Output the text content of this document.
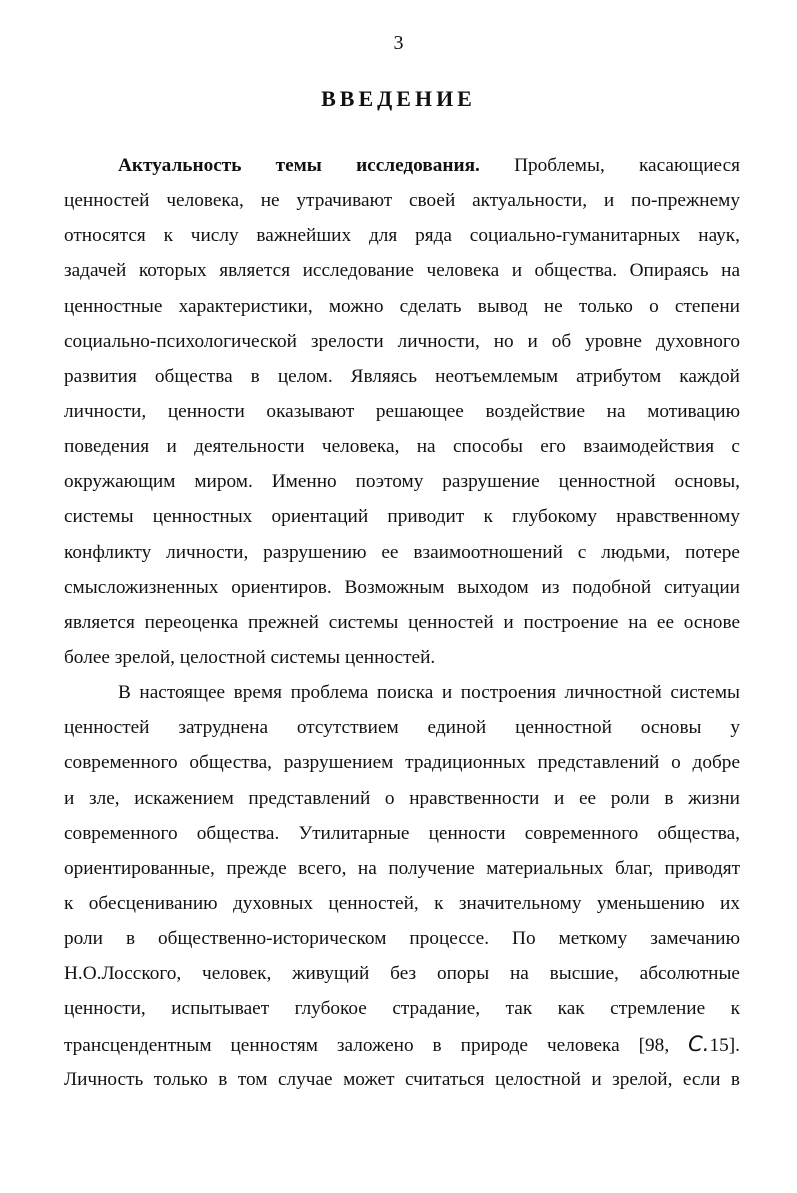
3
ВВЕДЕНИЕ
Актуальность темы исследования. Проблемы, касающиеся
ценностей человека, не утрачивают своей актуальности, и по-прежнему
относятся к числу важнейших для ряда социально-гуманитарных наук,
задачей которых является исследование человека и общества. Опираясь на
ценностные характеристики, можно сделать вывод не только о степени
социально-психологической зрелости личности, но и об уровне духовного
развития общества в целом. Являясь неотъемлемым атрибутом каждой
личности, ценности оказывают решающее воздействие на мотивацию
поведения и деятельности человека, на способы его взаимодействия с
окружающим миром. Именно поэтому разрушение ценностной основы,
системы ценностных ориентаций приводит к глубокому нравственному
конфликту личности, разрушению ее взаимоотношений с людьми, потере
смысложизненных ориентиров. Возможным выходом из подобной ситуации
является переоценка прежней системы ценностей и построение на ее основе
более зрелой, целостной системы ценностей.
В настоящее время проблема поиска и построения личностной системы
ценностей затруднена отсутствием единой ценностной основы у
современного общества, разрушением традиционных представлений о добре
и зле, искажением представлений о нравственности и ее роли в жизни
современного общества. Утилитарные ценности современного общества,
ориентированные, прежде всего, на получение материальных благ, приводят
к обесцениванию духовных ценностей, к значительному уменьшению их
роли в общественно-историческом процессе. По меткому замечанию
Н.О.Лосского, человек, живущий без опоры на высшие, абсолютные
ценности, испытывает глубокое страдание, так как стремление к
трансцендентным ценностям заложено в природе человека [98, С.15].
Личность только в том случае может считаться целостной и зрелой, если в
